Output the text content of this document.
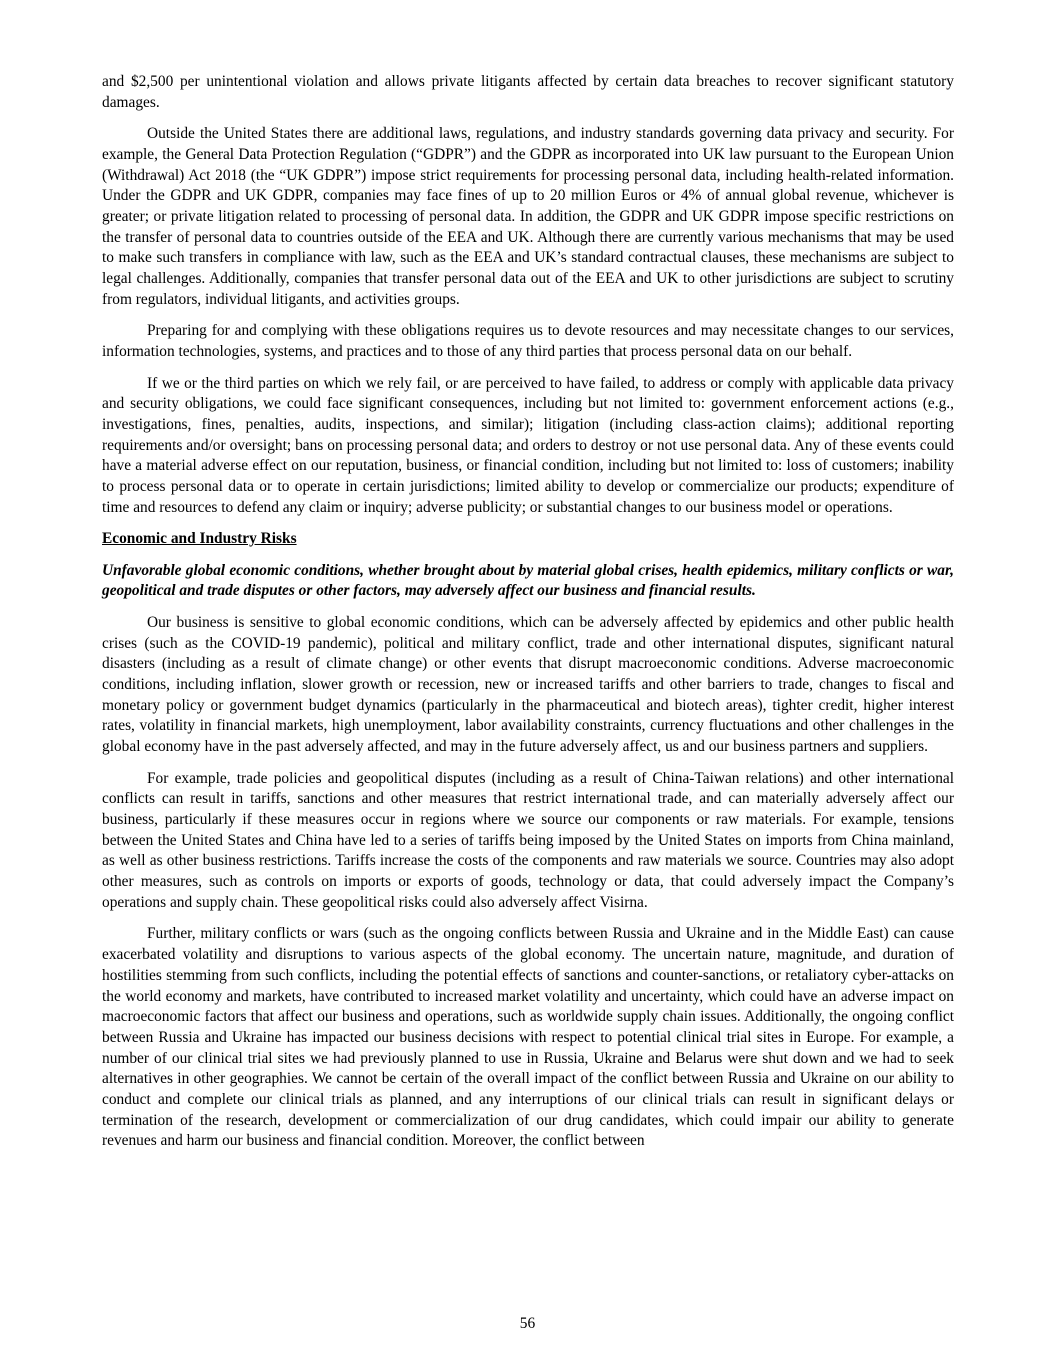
and $2,500 per unintentional violation and allows private litigants affected by certain data breaches to recover significant statutory damages.

Outside the United States there are additional laws, regulations, and industry standards governing data privacy and security. For example, the General Data Protection Regulation (“GDPR”) and the GDPR as incorporated into UK law pursuant to the European Union (Withdrawal) Act 2018 (the “UK GDPR”) impose strict requirements for processing personal data, including health-related information. Under the GDPR and UK GDPR, companies may face fines of up to 20 million Euros or 4% of annual global revenue, whichever is greater; or private litigation related to processing of personal data. In addition, the GDPR and UK GDPR impose specific restrictions on the transfer of personal data to countries outside of the EEA and UK. Although there are currently various mechanisms that may be used to make such transfers in compliance with law, such as the EEA and UK’s standard contractual clauses, these mechanisms are subject to legal challenges. Additionally, companies that transfer personal data out of the EEA and UK to other jurisdictions are subject to scrutiny from regulators, individual litigants, and activities groups.

Preparing for and complying with these obligations requires us to devote resources and may necessitate changes to our services, information technologies, systems, and practices and to those of any third parties that process personal data on our behalf.

If we or the third parties on which we rely fail, or are perceived to have failed, to address or comply with applicable data privacy and security obligations, we could face significant consequences, including but not limited to: government enforcement actions (e.g., investigations, fines, penalties, audits, inspections, and similar); litigation (including class-action claims); additional reporting requirements and/or oversight; bans on processing personal data; and orders to destroy or not use personal data. Any of these events could have a material adverse effect on our reputation, business, or financial condition, including but not limited to: loss of customers; inability to process personal data or to operate in certain jurisdictions; limited ability to develop or commercialize our products; expenditure of time and resources to defend any claim or inquiry; adverse publicity; or substantial changes to our business model or operations.

Economic and Industry Risks
Unfavorable global economic conditions, whether brought about by material global crises, health epidemics, military conflicts or war, geopolitical and trade disputes or other factors, may adversely affect our business and financial results.

Our business is sensitive to global economic conditions, which can be adversely affected by epidemics and other public health crises (such as the COVID-19 pandemic), political and military conflict, trade and other international disputes, significant natural disasters (including as a result of climate change) or other events that disrupt macroeconomic conditions. Adverse macroeconomic conditions, including inflation, slower growth or recession, new or increased tariffs and other barriers to trade, changes to fiscal and monetary policy or government budget dynamics (particularly in the pharmaceutical and biotech areas), tighter credit, higher interest rates, volatility in financial markets, high unemployment, labor availability constraints, currency fluctuations and other challenges in the global economy have in the past adversely affected, and may in the future adversely affect, us and our business partners and suppliers.

For example, trade policies and geopolitical disputes (including as a result of China-Taiwan relations) and other international conflicts can result in tariffs, sanctions and other measures that restrict international trade, and can materially adversely affect our business, particularly if these measures occur in regions where we source our components or raw materials. For example, tensions between the United States and China have led to a series of tariffs being imposed by the United States on imports from China mainland, as well as other business restrictions. Tariffs increase the costs of the components and raw materials we source. Countries may also adopt other measures, such as controls on imports or exports of goods, technology or data, that could adversely impact the Company’s operations and supply chain. These geopolitical risks could also adversely affect Visirna.

Further, military conflicts or wars (such as the ongoing conflicts between Russia and Ukraine and in the Middle East) can cause exacerbated volatility and disruptions to various aspects of the global economy. The uncertain nature, magnitude, and duration of hostilities stemming from such conflicts, including the potential effects of sanctions and counter-sanctions, or retaliatory cyber-attacks on the world economy and markets, have contributed to increased market volatility and uncertainty, which could have an adverse impact on macroeconomic factors that affect our business and operations, such as worldwide supply chain issues. Additionally, the ongoing conflict between Russia and Ukraine has impacted our business decisions with respect to potential clinical trial sites in Europe. For example, a number of our clinical trial sites we had previously planned to use in Russia, Ukraine and Belarus were shut down and we had to seek alternatives in other geographies. We cannot be certain of the overall impact of the conflict between Russia and Ukraine on our ability to conduct and complete our clinical trials as planned, and any interruptions of our clinical trials can result in significant delays or termination of the research, development or commercialization of our drug candidates, which could impair our ability to generate revenues and harm our business and financial condition. Moreover, the conflict between

56
